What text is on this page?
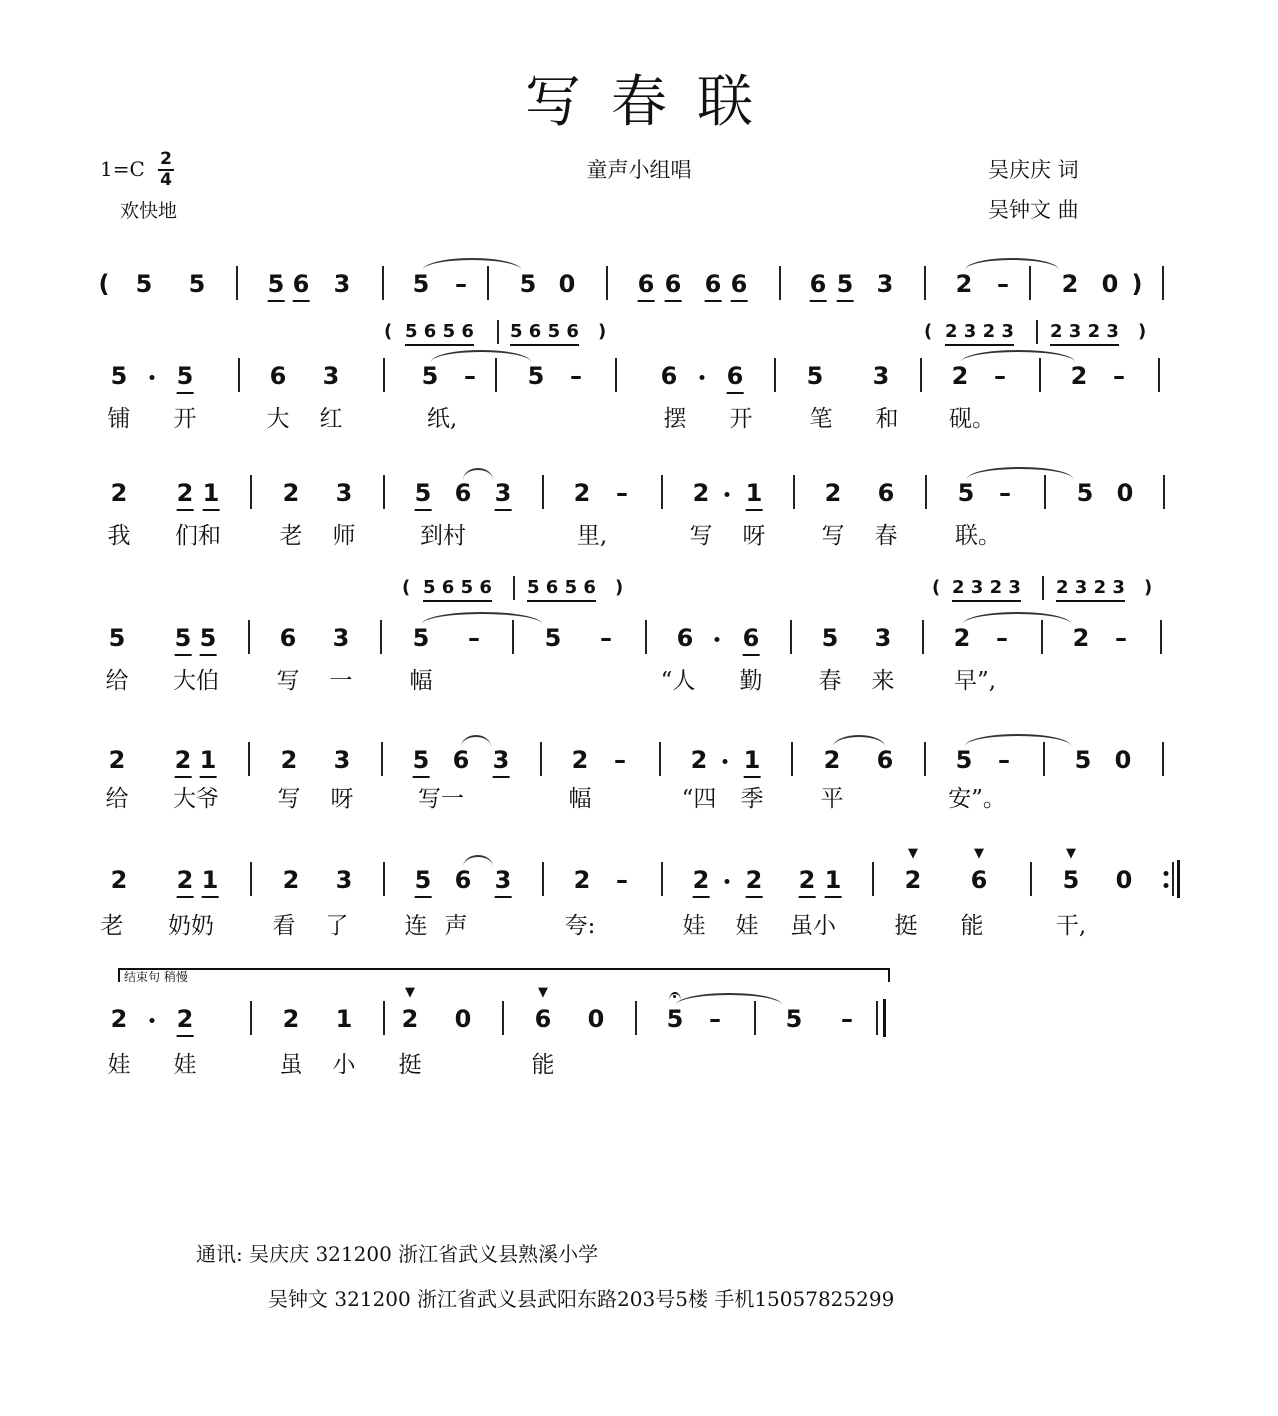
写春联
$1=C \frac{2}{4}$
欢快地
童声小组唱	吴庆庆 词
吴钟文 曲
( 5 5	5 6 3	5 – 5 0	6 6 6 6	6 5 3	2 – 2 0 )
( 5 6 5 6 5 6 5 6 )	( 2 3 2 3 2 3 2 3 )
5 5	6 3	5 – 5 –	6 6	5 3	2 –	2 –
铺 开	大 红	纸,	摆 开 笔 和 砚。
2 2 1	2 3	5 6 3	2 –	2 1	2 6	5 –	5 0
我 们和	老 师	到村	里,	写 呀 写 春	联。
( 5 6 5 6 5 6 5 6 )	( 2 3 2 3 2 3 2 3 )
5 5 5	6 3	5 –	5 –	6 6	5 3	2 –	2 –
给 大伯	写 一 幅	“人 勤 春 来	早”,
2 2 1	2 3	5 6 3	2 –	2 1	2 6	5 –	5 0
给 大爷	写 呀	写一	幅	“四 季 平	安”。
2 2 1	2 3	5 6 3	2 –	2 2 2 1
▼
2
▼
6
▼
5 0
老 奶奶	看 了 连 声	夸:	娃 娃 虽小	挺 能	干,
结束句 稍慢
2 2	2 1
▼
2 0
▼
6 0	5 –	5 –
娃 娃	虽 小 挺	能
通讯: 吴庆庆 321200 浙江省武义县熟溪小学
吴钟文 321200 浙江省武义县武阳东路203号5楼 手机15057825299
